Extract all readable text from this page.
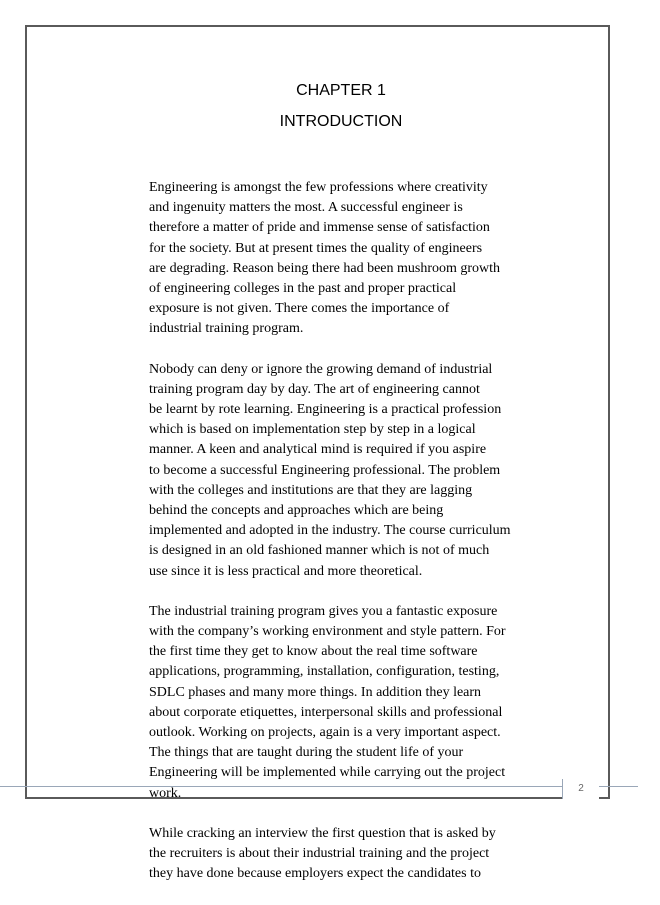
CHAPTER 1
INTRODUCTION

Engineering is amongst the few professions where creativity
and ingenuity matters the most. A successful engineer is
therefore a matter of pride and immense sense of satisfaction
for the society. But at present times the quality of engineers
are degrading. Reason being there had been mushroom growth
of engineering colleges in the past and proper practical
exposure is not given. There comes the importance of
industrial training program.

Nobody can deny or ignore the growing demand of industrial
training program day by day. The art of engineering cannot
be learnt by rote learning. Engineering is a practical profession
which is based on implementation step by step in a logical
manner. A keen and analytical mind is required if you aspire
to become a successful Engineering professional. The problem
with the colleges and institutions are that they are lagging
behind the concepts and approaches which are being
implemented and adopted in the industry. The course curriculum
is designed in an old fashioned manner which is not of much
use since it is less practical and more theoretical.

The industrial training program gives you a fantastic exposure
with the company’s working environment and style pattern. For
the first time they get to know about the real time software
applications, programming, installation, configuration, testing,
SDLC phases and many more things. In addition they learn
about corporate etiquettes, interpersonal skills and professional
outlook. Working on projects, again is a very important aspect.
The things that are taught during the student life of your
Engineering will be implemented while carrying out the project
work.

While cracking an interview the first question that is asked by
the recruiters is about their industrial training and the project
they have done because employers expect the candidates to

2
